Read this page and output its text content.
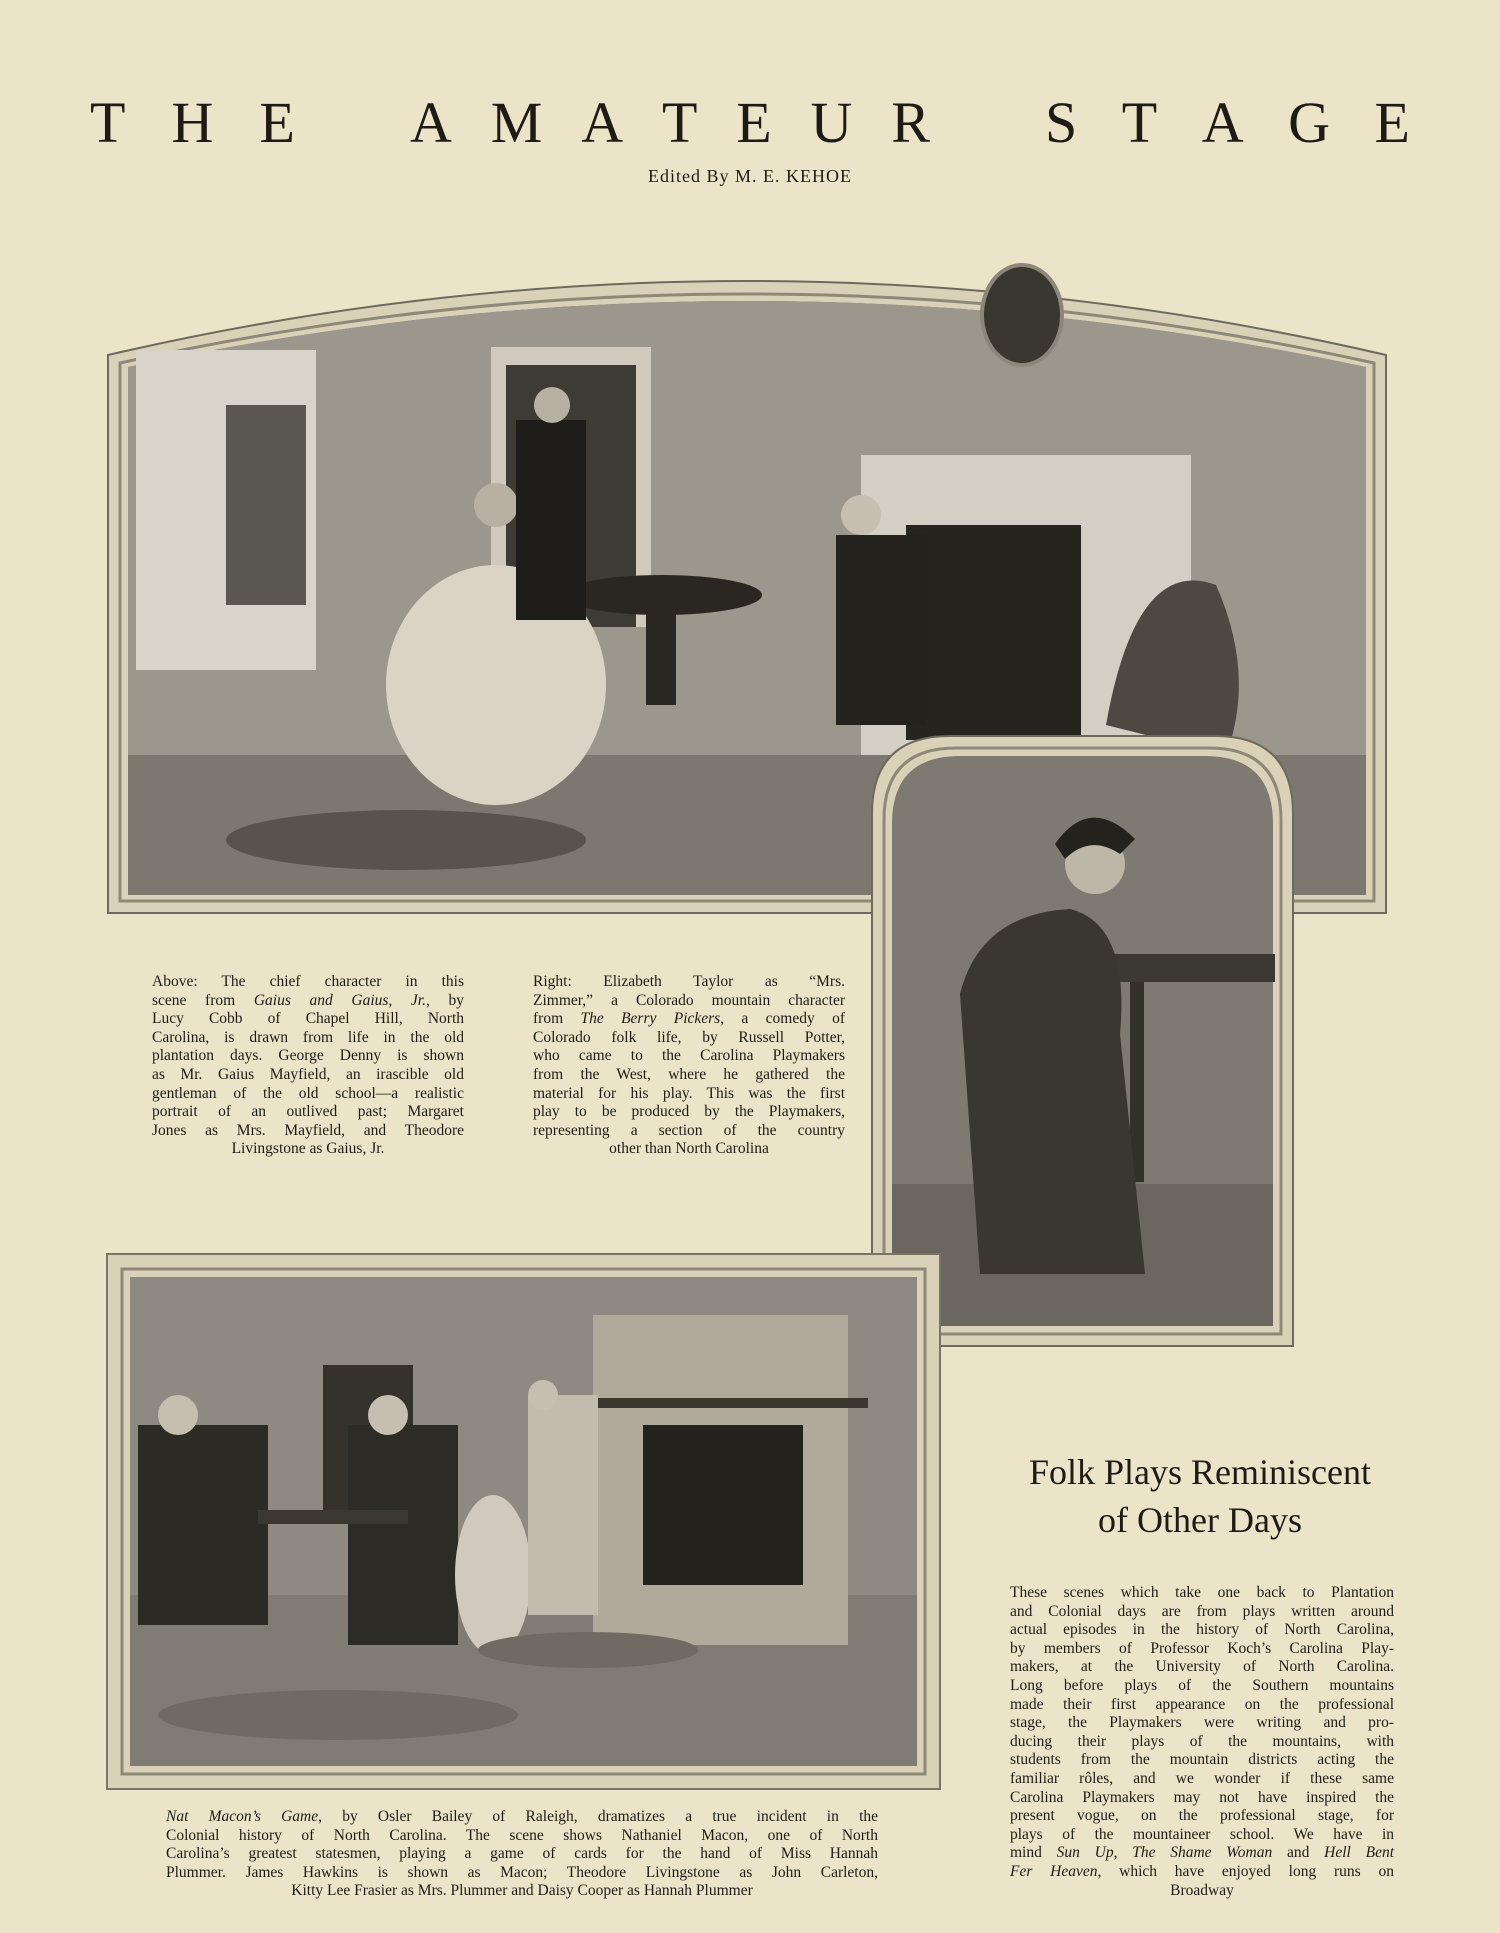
T H E A M A T E U R S T A G E
Edited By M. E. KEHOE
Above: The chief character in this
scene from Gaius and Gaius, Jr., by
Lucy Cobb of Chapel Hill, North
Carolina, is drawn from life in the old
plantation days. George Denny is shown
as Mr. Gaius Mayfield, an irascible old
gentleman of the old school—a realistic
portrait of an outlived past; Margaret
Jones as Mrs. Mayfield, and Theodore
Livingstone as Gaius, Jr.
Right: Elizabeth Taylor as “Mrs.
Zimmer,” a Colorado mountain character
from The Berry Pickers, a comedy of
Colorado folk life, by Russell Potter,
who came to the Carolina Playmakers
from the West, where he gathered the
material for his play. This was the first
play to be produced by the Playmakers,
representing a section of the country
other than North Carolina
Nat Macon’s Game, by Osler Bailey of Raleigh, dramatizes a true incident in the
Colonial history of North Carolina. The scene shows Nathaniel Macon, one of North
Carolina’s greatest statesmen, playing a game of cards for the hand of Miss Hannah
Plummer. James Hawkins is shown as Macon; Theodore Livingstone as John Carleton,
Kitty Lee Frasier as Mrs. Plummer and Daisy Cooper as Hannah Plummer
Folk Plays Reminiscent
of Other Days
These scenes which take one back to Plantation
and Colonial days are from plays written around
actual episodes in the history of North Carolina,
by members of Professor Koch’s Carolina Play-
makers, at the University of North Carolina.
Long before plays of the Southern mountains
made their first appearance on the professional
stage, the Playmakers were writing and pro-
ducing their plays of the mountains, with
students from the mountain districts acting the
familiar rôles, and we wonder if these same
Carolina Playmakers may not have inspired the
present vogue, on the professional stage, for
plays of the mountaineer school. We have in
mind Sun Up, The Shame Woman and Hell Bent
Fer Heaven, which have enjoyed long runs on
Broadway
